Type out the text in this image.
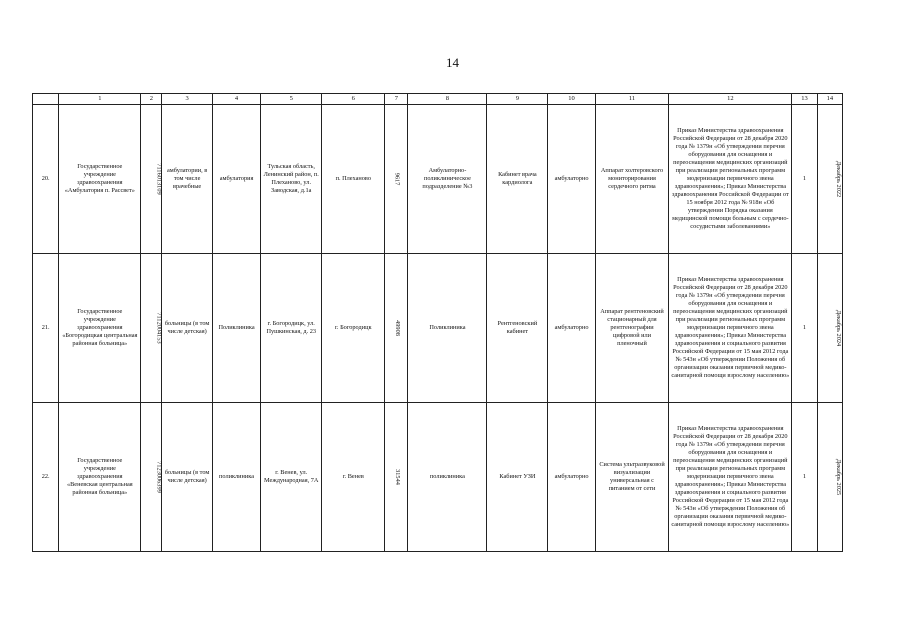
14
	1	2	3	4	5	6	7	8	9	10	11	12	13	14
20.	Государственное учреждение здравоохранения «Амбулатория п. Рассвет»	7116013109	амбулатории, в том числе врачебные	амбулатория	Тульская область, Ленинский район, п. Плеханово, ул. Заводская, д.1а	п. Плеханово	9617	Амбулаторно-поликлиническое подразделение №3	Кабинет врача кардиолога	амбулаторно	Аппарат холтеровского мониторирования сердечного ритма	Приказ Министерства здравоохранения Российской Федерации от 28 декабря 2020 года № 1379н «Об утверждении перечня оборудования для оснащения и переоснащения медицинских организаций при реализации региональных программ модернизации первичного звена здравоохранения»; Приказ Министерства здравоохранения Российской Федерации от 15 ноября 2012 года № 918н «Об утверждении Порядка оказания медицинской помощи больным с сердечно-сосудистыми заболеваниями»	1	Декабрь 2022
21.	Государственное учреждение здравоохранения «Богородицкая центральная районная больница»	7112004153	больницы (в том числе детская)	Поликлиника	г. Богородицк, ул. Пушкинская, д. 23	г. Богородицк	49908	Поликлиника	Рентгеновский кабинет	амбулаторно	Аппарат рентгеновский стационарный для рентгенографии цифровой или пленочный	Приказ Министерства здравоохранения Российской Федерации от 28 декабря 2020 года № 1379н «Об утверждении перечня оборудования для оснащения и переоснащения медицинских организаций при реализации региональных программ модернизации первичного звена здравоохранения»; Приказ Министерства здравоохранения и социального развития Российской Федерации от 15 мая 2012 года № 543н «Об утверждении Положения об организации оказания первичной медико-санитарной помощи взрослому населению»	1	Декабрь 2024
22.	Государственное учреждение здравоохранения «Веневская центральная районная больница»	7123006399	больницы (в том числе детская)	поликлиника	г. Венев, ул. Международная, 7А	г. Венев	31544	поликлиника	Кабинет УЗИ	амбулаторно	Система ультразвуковой визуализации универсальная с питанием от сети	Приказ Министерства здравоохранения Российской Федерации от 28 декабря 2020 года № 1379н «Об утверждении перечня оборудования для оснащения и переоснащения медицинских организаций при реализации региональных программ модернизации первичного звена здравоохранения»; Приказ Министерства здравоохранения и социального развития Российской Федерации от 15 мая 2012 года № 543н «Об утверждении Положения об организации оказания первичной медико-санитарной помощи взрослому населению»	1	Декабрь 2025
